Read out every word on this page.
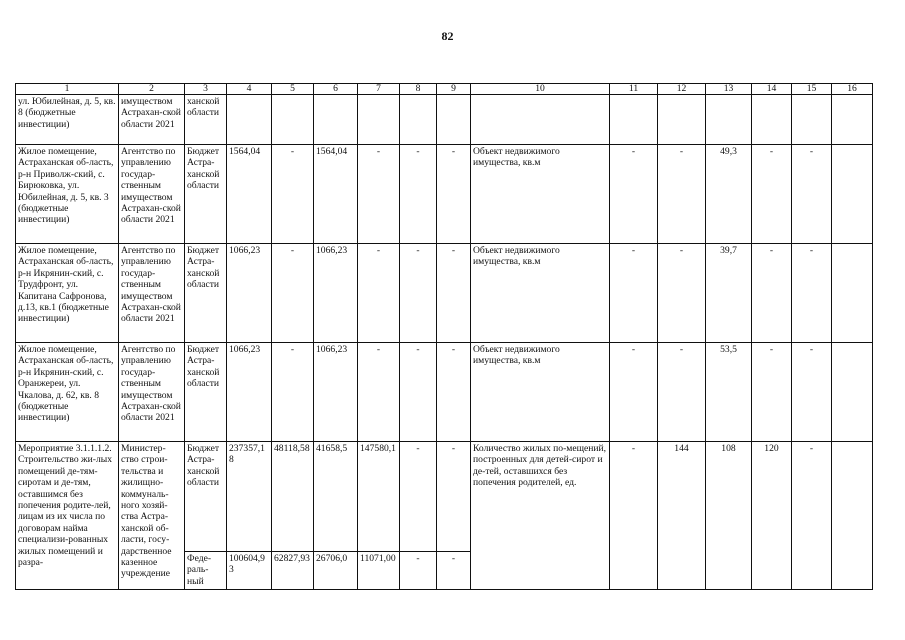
82
1	2	3	4	5	6	7	8	9	10	11	12	13	14	15	16
ул. Юбилейная, д. 5, кв. 8 (бюджетные инвестиции)	имуществом Астрахан-ской области 2021	ханской области													
Жилое помещение, Астраханская об-ласть, р-н Приволж-ский, с. Бирюковка, ул. Юбилейная, д. 5, кв. 3 (бюджетные инвестиции)	Агентство по управлению государ-ственным имуществом Астрахан-ской области 2021	Бюджет Астра-ханской области	1564,04	-	1564,04	-	-	-	Объект недвижимого имущества, кв.м	-	-	49,3	-	-	
Жилое помещение, Астраханская об-ласть, р-н Икрянин-ский, с. Трудфронт, ул. Капитана Сафронова, д.13, кв.1 (бюджетные инвестиции)	Агентство по управлению государ-ственным имуществом Астрахан-ской области 2021	Бюджет Астра-ханской области	1066,23	-	1066,23	-	-	-	Объект недвижимого имущества, кв.м	-	-	39,7	-	-	
Жилое помещение, Астраханская об-ласть, р-н Икрянин-ский, с. Оранжереи, ул. Чкалова, д. 62, кв. 8 (бюджетные инвестиции)	Агентство по управлению государ-ственным имуществом Астрахан-ской области 2021	Бюджет Астра-ханской области	1066,23	-	1066,23	-	-	-	Объект недвижимого имущества, кв.м	-	-	53,5	-	-	
Мероприятие 3.1.1.1.2. Строительство жи-лых помещений де-тям-сиротам и де-тям, оставшимся без попечения родите-лей, лицам из их числа по договорам найма специализи-рованных жилых помещений и разра-	Министер-ство строи-тельства и жилищно-коммуналь-ного хозяй-ства Астра-ханской об-ласти, госу-дарственное казенное учреждение	Бюджет Астра-ханской области	237357,18	48118,58	41658,5	147580,1	-	-	Количество жилых по-мещений, построенных для детей-сирот и де-тей, оставшихся без попечения родителей, ед.	-	144	108	120	-	
		Феде-раль-ный	100604,93	62827,93	26706,0	11071,00	-	-							
